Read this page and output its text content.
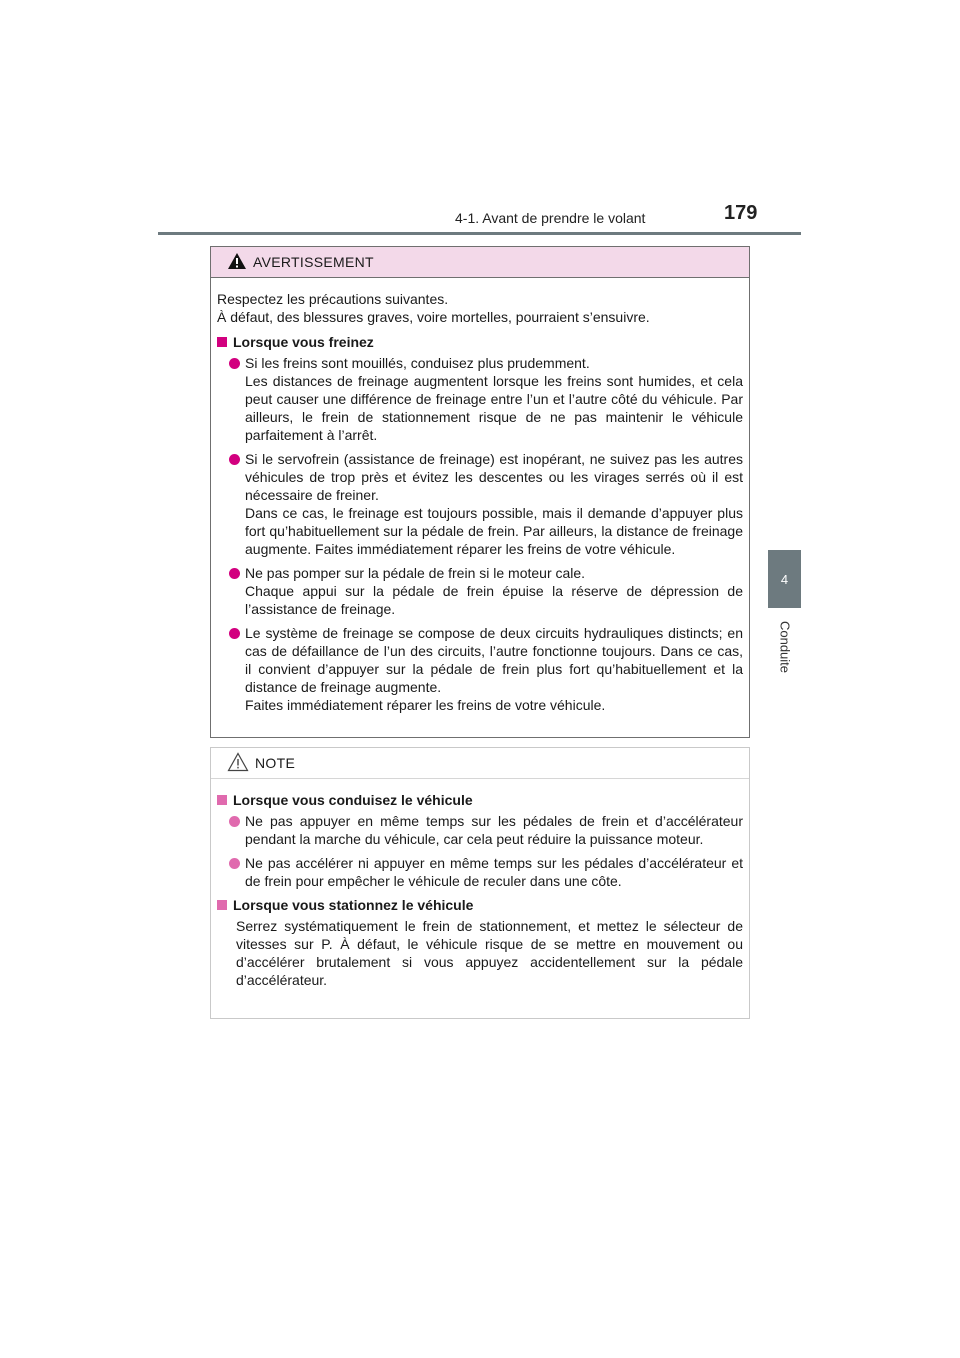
4-1. Avant de prendre le volant	179
4
Conduite
AVERTISSEMENT

Respectez les précautions suivantes.

À défaut, des blessures graves, voire mortelles, pourraient s’ensuivre.

Lorsque vous freinez

Si les freins sont mouillés, conduisez plus prudemment.

Les distances de freinage augmentent lorsque les freins sont humides, et cela peut causer une différence de freinage entre l’un et l’autre côté du véhicule. Par ailleurs, le frein de stationnement risque de ne pas maintenir le véhicule parfaitement à l’arrêt.

Si le servofrein (assistance de freinage) est inopérant, ne suivez pas les autres véhicules de trop près et évitez les descentes ou les virages serrés où il est nécessaire de freiner.

Dans ce cas, le freinage est toujours possible, mais il demande d’appuyer plus fort qu’habituellement sur la pédale de frein. Par ailleurs, la distance de freinage augmente. Faites immédiatement réparer les freins de votre véhicule.

Ne pas pomper sur la pédale de frein si le moteur cale.

Chaque appui sur la pédale de frein épuise la réserve de dépression de l’assistance de freinage.

Le système de freinage se compose de deux circuits hydrauliques distincts; en cas de défaillance de l’un des circuits, l’autre fonctionne toujours. Dans ce cas, il convient d’appuyer sur la pédale de frein plus fort qu’habituellement et la distance de freinage augmente.

Faites immédiatement réparer les freins de votre véhicule.

NOTE
Lorsque vous conduisez le véhicule

Ne pas appuyer en même temps sur les pédales de frein et d’accélérateur pendant la marche du véhicule, car cela peut réduire la puissance moteur.

Ne pas accélérer ni appuyer en même temps sur les pédales d’accélérateur et de frein pour empêcher le véhicule de reculer dans une côte.

Lorsque vous stationnez le véhicule

Serrez systématiquement le frein de stationnement, et mettez le sélecteur de vitesses sur P. À défaut, le véhicule risque de se mettre en mouvement ou d’accélérer brutalement si vous appuyez accidentellement sur la pédale d’accélérateur.
